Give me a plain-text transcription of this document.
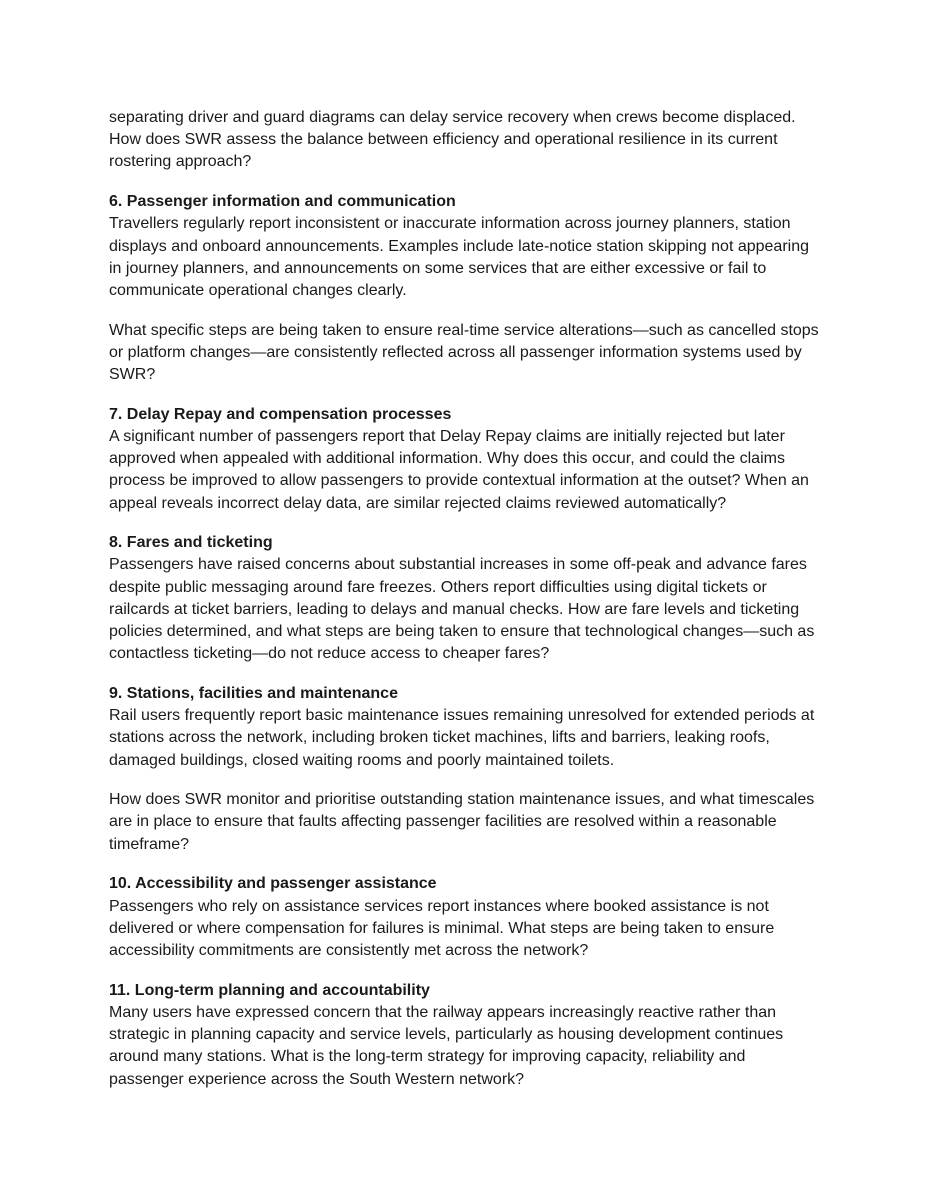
separating driver and guard diagrams can delay service recovery when crews become displaced. How does SWR assess the balance between efficiency and operational resilience in its current rostering approach?

6. Passenger information and communication

Travellers regularly report inconsistent or inaccurate information across journey planners, station displays and onboard announcements. Examples include late-notice station skipping not appearing in journey planners, and announcements on some services that are either excessive or fail to communicate operational changes clearly.

What specific steps are being taken to ensure real-time service alterations—such as cancelled stops or platform changes—are consistently reflected across all passenger information systems used by SWR?

7. Delay Repay and compensation processes

A significant number of passengers report that Delay Repay claims are initially rejected but later approved when appealed with additional information. Why does this occur, and could the claims process be improved to allow passengers to provide contextual information at the outset? When an appeal reveals incorrect delay data, are similar rejected claims reviewed automatically?

8. Fares and ticketing

Passengers have raised concerns about substantial increases in some off-peak and advance fares despite public messaging around fare freezes. Others report difficulties using digital tickets or railcards at ticket barriers, leading to delays and manual checks. How are fare levels and ticketing policies determined, and what steps are being taken to ensure that technological changes—such as contactless ticketing—do not reduce access to cheaper fares?

9. Stations, facilities and maintenance

Rail users frequently report basic maintenance issues remaining unresolved for extended periods at stations across the network, including broken ticket machines, lifts and barriers, leaking roofs, damaged buildings, closed waiting rooms and poorly maintained toilets.

How does SWR monitor and prioritise outstanding station maintenance issues, and what timescales are in place to ensure that faults affecting passenger facilities are resolved within a reasonable timeframe?

10. Accessibility and passenger assistance

Passengers who rely on assistance services report instances where booked assistance is not delivered or where compensation for failures is minimal. What steps are being taken to ensure accessibility commitments are consistently met across the network?

11. Long-term planning and accountability

Many users have expressed concern that the railway appears increasingly reactive rather than strategic in planning capacity and service levels, particularly as housing development continues around many stations. What is the long-term strategy for improving capacity, reliability and passenger experience across the South Western network?
